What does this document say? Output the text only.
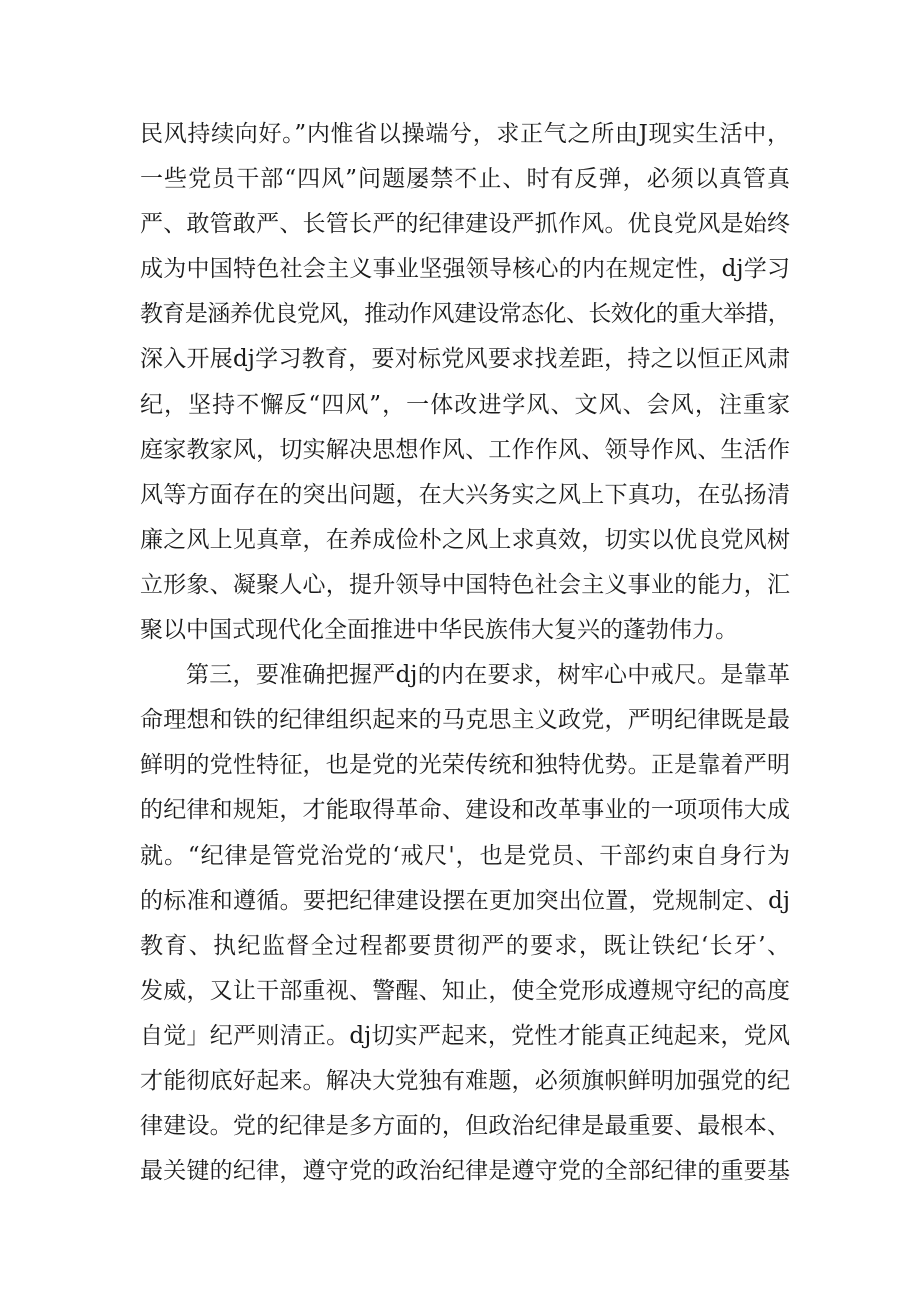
民风持续向好。”内惟省以操端兮，求正气之所由J现实生活中，
一些党员干部“四风”问题屡禁不止、时有反弹，必须以真管真
严、敢管敢严、长管长严的纪律建设严抓作风。优良党风是始终
成为中国特色社会主义事业坚强领导核心的内在规定性，dj学习
教育是涵养优良党风，推动作风建设常态化、长效化的重大举措，
深入开展dj学习教育，要对标党风要求找差距，持之以恒正风肃
纪，坚持不懈反“四风”，一体改进学风、文风、会风，注重家
庭家教家风，切实解决思想作风、工作作风、领导作风、生活作
风等方面存在的突出问题，在大兴务实之风上下真功，在弘扬清
廉之风上见真章，在养成俭朴之风上求真效，切实以优良党风树
立形象、凝聚人心，提升领导中国特色社会主义事业的能力，汇
聚以中国式现代化全面推进中华民族伟大复兴的蓬勃伟力。
第三，要准确把握严dj的内在要求，树牢心中戒尺。是靠革
命理想和铁的纪律组织起来的马克思主义政党，严明纪律既是最
鲜明的党性特征，也是党的光荣传统和独特优势。正是靠着严明
的纪律和规矩，才能取得革命、建设和改革事业的一项项伟大成
就。“纪律是管党治党的‘戒尺'，也是党员、干部约束自身行为
的标准和遵循。要把纪律建设摆在更加突出位置，党规制定、dj
教育、执纪监督全过程都要贯彻严的要求，既让铁纪‘长牙’、
发威，又让干部重视、警醒、知止，使全党形成遵规守纪的高度
自觉」纪严则清正。dj切实严起来，党性才能真正纯起来，党风
才能彻底好起来。解决大党独有难题，必须旗帜鲜明加强党的纪
律建设。党的纪律是多方面的，但政治纪律是最重要、最根本、
最关键的纪律，遵守党的政治纪律是遵守党的全部纪律的重要基
